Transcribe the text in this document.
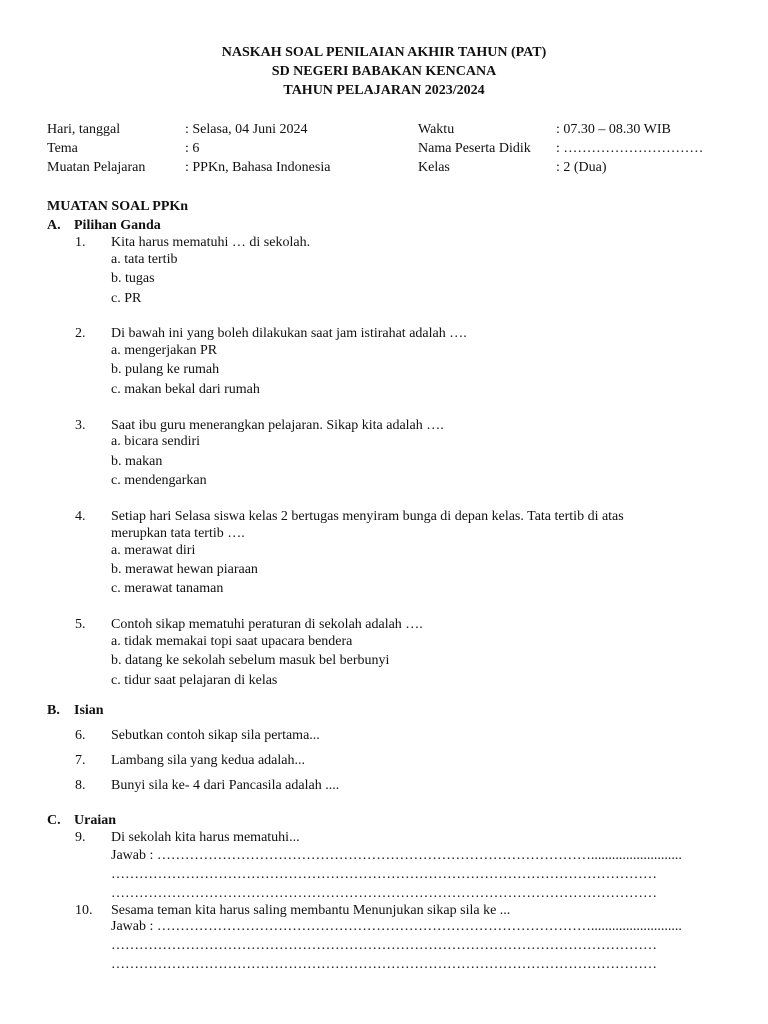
NASKAH SOAL PENILAIAN AKHIR TAHUN (PAT)
SD NEGERI BABAKAN KENCANA
TAHUN PELAJARAN 2023/2024
Hari, tanggal	: Selasa, 04 Juni 2024
Tema	: 6
Muatan Pelajaran	: PPKn, Bahasa Indonesia
Waktu	: 07.30 – 08.30 WIB
Nama Peserta Didik : …………………………
Kelas	: 2 (Dua)
MUATAN SOAL PPKn
A. Pilihan Ganda
1. Kita harus mematuhi … di sekolah.
a. tata tertib
b. tugas
c. PR
2. Di bawah ini yang boleh dilakukan saat jam istirahat adalah ….
a. mengerjakan PR
b. pulang ke rumah
c. makan bekal dari rumah
3. Saat ibu guru menerangkan pelajaran. Sikap kita adalah ….
a. bicara sendiri
b. makan
c. mendengarkan
4. Setiap hari Selasa siswa kelas 2 bertugas menyiram bunga di depan kelas. Tata tertib di atas
merupkan tata tertib ….
a. merawat diri
b. merawat hewan piaraan
c. merawat tanaman
5. Contoh sikap mematuhi peraturan di sekolah adalah ….
a. tidak memakai topi saat upacara bendera
b. datang ke sekolah sebelum masuk bel berbunyi
c. tidur saat pelajaran di kelas
B. Isian
6. Sebutkan contoh sikap sila pertama...
7. Lambang sila yang kedua adalah...
8. Bunyi sila ke- 4 dari Pancasila adalah ....
C. Uraian
9. Di sekolah kita harus mematuhi...
Jawab : …………………………………………………………………………………..........................
………………………………………………………………………………………………………
………………………………………………………………………………………………………
10. Sesama teman kita harus saling membantu Menunjukan sikap sila ke ...
Jawab : …………………………………………………………………………………..........................
………………………………………………………………………………………………………
………………………………………………………………………………………………………
